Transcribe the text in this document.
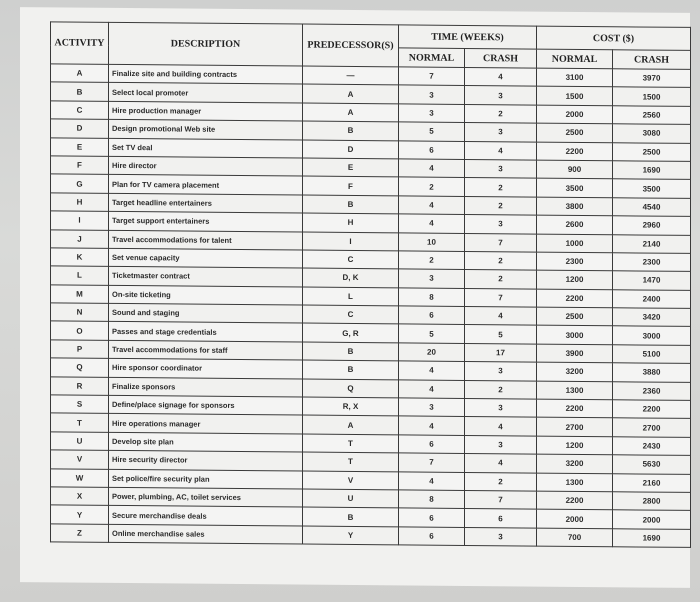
ACTIVITY	DESCRIPTION	PREDECESSOR(S)	TIME (WEEKS)		COST ($)	
			NORMAL	CRASH	NORMAL	CRASH
A	Finalize site and building contracts	—	7	4	3100	3970
B	Select local promoter	A	3	3	1500	1500
C	Hire production manager	A	3	2	2000	2560
D	Design promotional Web site	B	5	3	2500	3080
E	Set TV deal	D	6	4	2200	2500
F	Hire director	E	4	3	900	1690
G	Plan for TV camera placement	F	2	2	3500	3500
H	Target headline entertainers	B	4	2	3800	4540
I	Target support entertainers	H	4	3	2600	2960
J	Travel accommodations for talent	I	10	7	1000	2140
K	Set venue capacity	C	2	2	2300	2300
L	Ticketmaster contract	D, K	3	2	1200	1470
M	On-site ticketing	L	8	7	2200	2400
N	Sound and staging	C	6	4	2500	3420
O	Passes and stage credentials	G, R	5	5	3000	3000
P	Travel accommodations for staff	B	20	17	3900	5100
Q	Hire sponsor coordinator	B	4	3	3200	3880
R	Finalize sponsors	Q	4	2	1300	2360
S	Define/place signage for sponsors	R, X	3	3	2200	2200
T	Hire operations manager	A	4	4	2700	2700
U	Develop site plan	T	6	3	1200	2430
V	Hire security director	T	7	4	3200	5630
W	Set police/fire security plan	V	4	2	1300	2160
X	Power, plumbing, AC, toilet services	U	8	7	2200	2800
Y	Secure merchandise deals	B	6	6	2000	2000
Z	Online merchandise sales	Y	6	3	700	1690
